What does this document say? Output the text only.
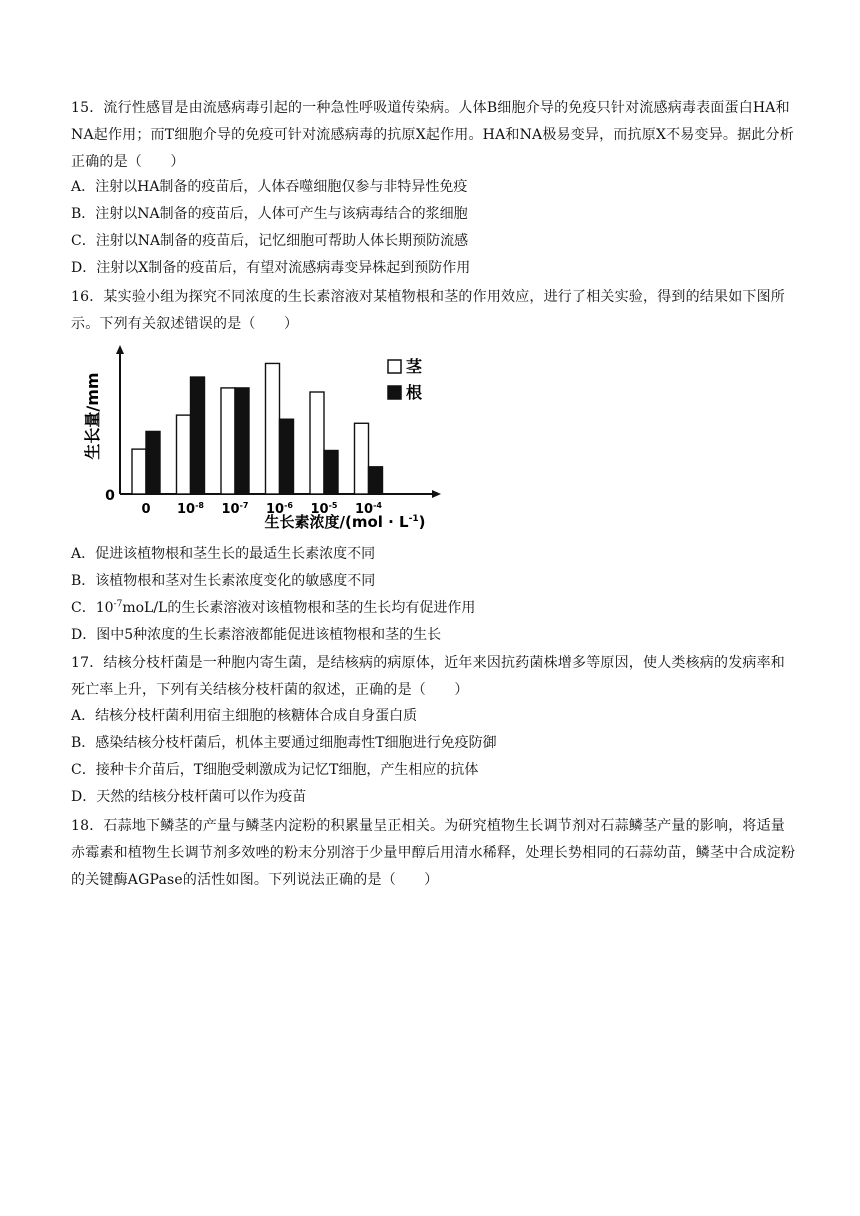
15．流行性感冒是由流感病毒引起的一种急性呼吸道传染病。人体B细胞介导的免疫只针对流感病毒表面蛋白HA和NA起作用；而T细胞介导的免疫可针对流感病毒的抗原X起作用。HA和NA极易变异，而抗原X不易变异。据此分析正确的是（　　）
A．注射以HA制备的疫苗后，人体吞噬细胞仅参与非特异性免疫
B．注射以NA制备的疫苗后，人体可产生与该病毒结合的浆细胞
C．注射以NA制备的疫苗后，记忆细胞可帮助人体长期预防流感
D．注射以X制备的疫苗后，有望对流感病毒变异株起到预防作用
16．某实验小组为探究不同浓度的生长素溶液对某植物根和茎的作用效应，进行了相关实验，得到的结果如下图所示。下列有关叙述错误的是（　　）
0 $10^{-8}$ $10^{-7}$ $10^{-6}$ $10^{-5}$ $10^{-4}$
茎
根
生长量/mm
0
生长素浓度$/(mol \cdot L^{-1})$
A．促进该植物根和茎生长的最适生长素浓度不同
B．该植物根和茎对生长素浓度变化的敏感度不同
C．$10^{-7}moL/L$的生长素溶液对该植物根和茎的生长均有促进作用
D．图中5种浓度的生长素溶液都能促进该植物根和茎的生长
17．结核分枝杆菌是一种胞内寄生菌，是结核病的病原体，近年来因抗药菌株增多等原因，使人类核病的发病率和死亡率上升，下列有关结核分枝杆菌的叙述，正确的是（　　）
A．结核分枝杆菌利用宿主细胞的核糖体合成自身蛋白质
B．感染结核分枝杆菌后，机体主要通过细胞毒性T细胞进行免疫防御
C．接种卡介苗后，T细胞受刺激成为记忆T细胞，产生相应的抗体
D．天然的结核分枝杆菌可以作为疫苗
18．石蒜地下鳞茎的产量与鳞茎内淀粉的积累量呈正相关。为研究植物生长调节剂对石蒜鳞茎产量的影响，将适量赤霉素和植物生长调节剂多效唑的粉末分别溶于少量甲醇后用清水稀释，处理长势相同的石蒜幼苗，鳞茎中合成淀粉的关键酶AGPase的活性如图。下列说法正确的是（　　）
